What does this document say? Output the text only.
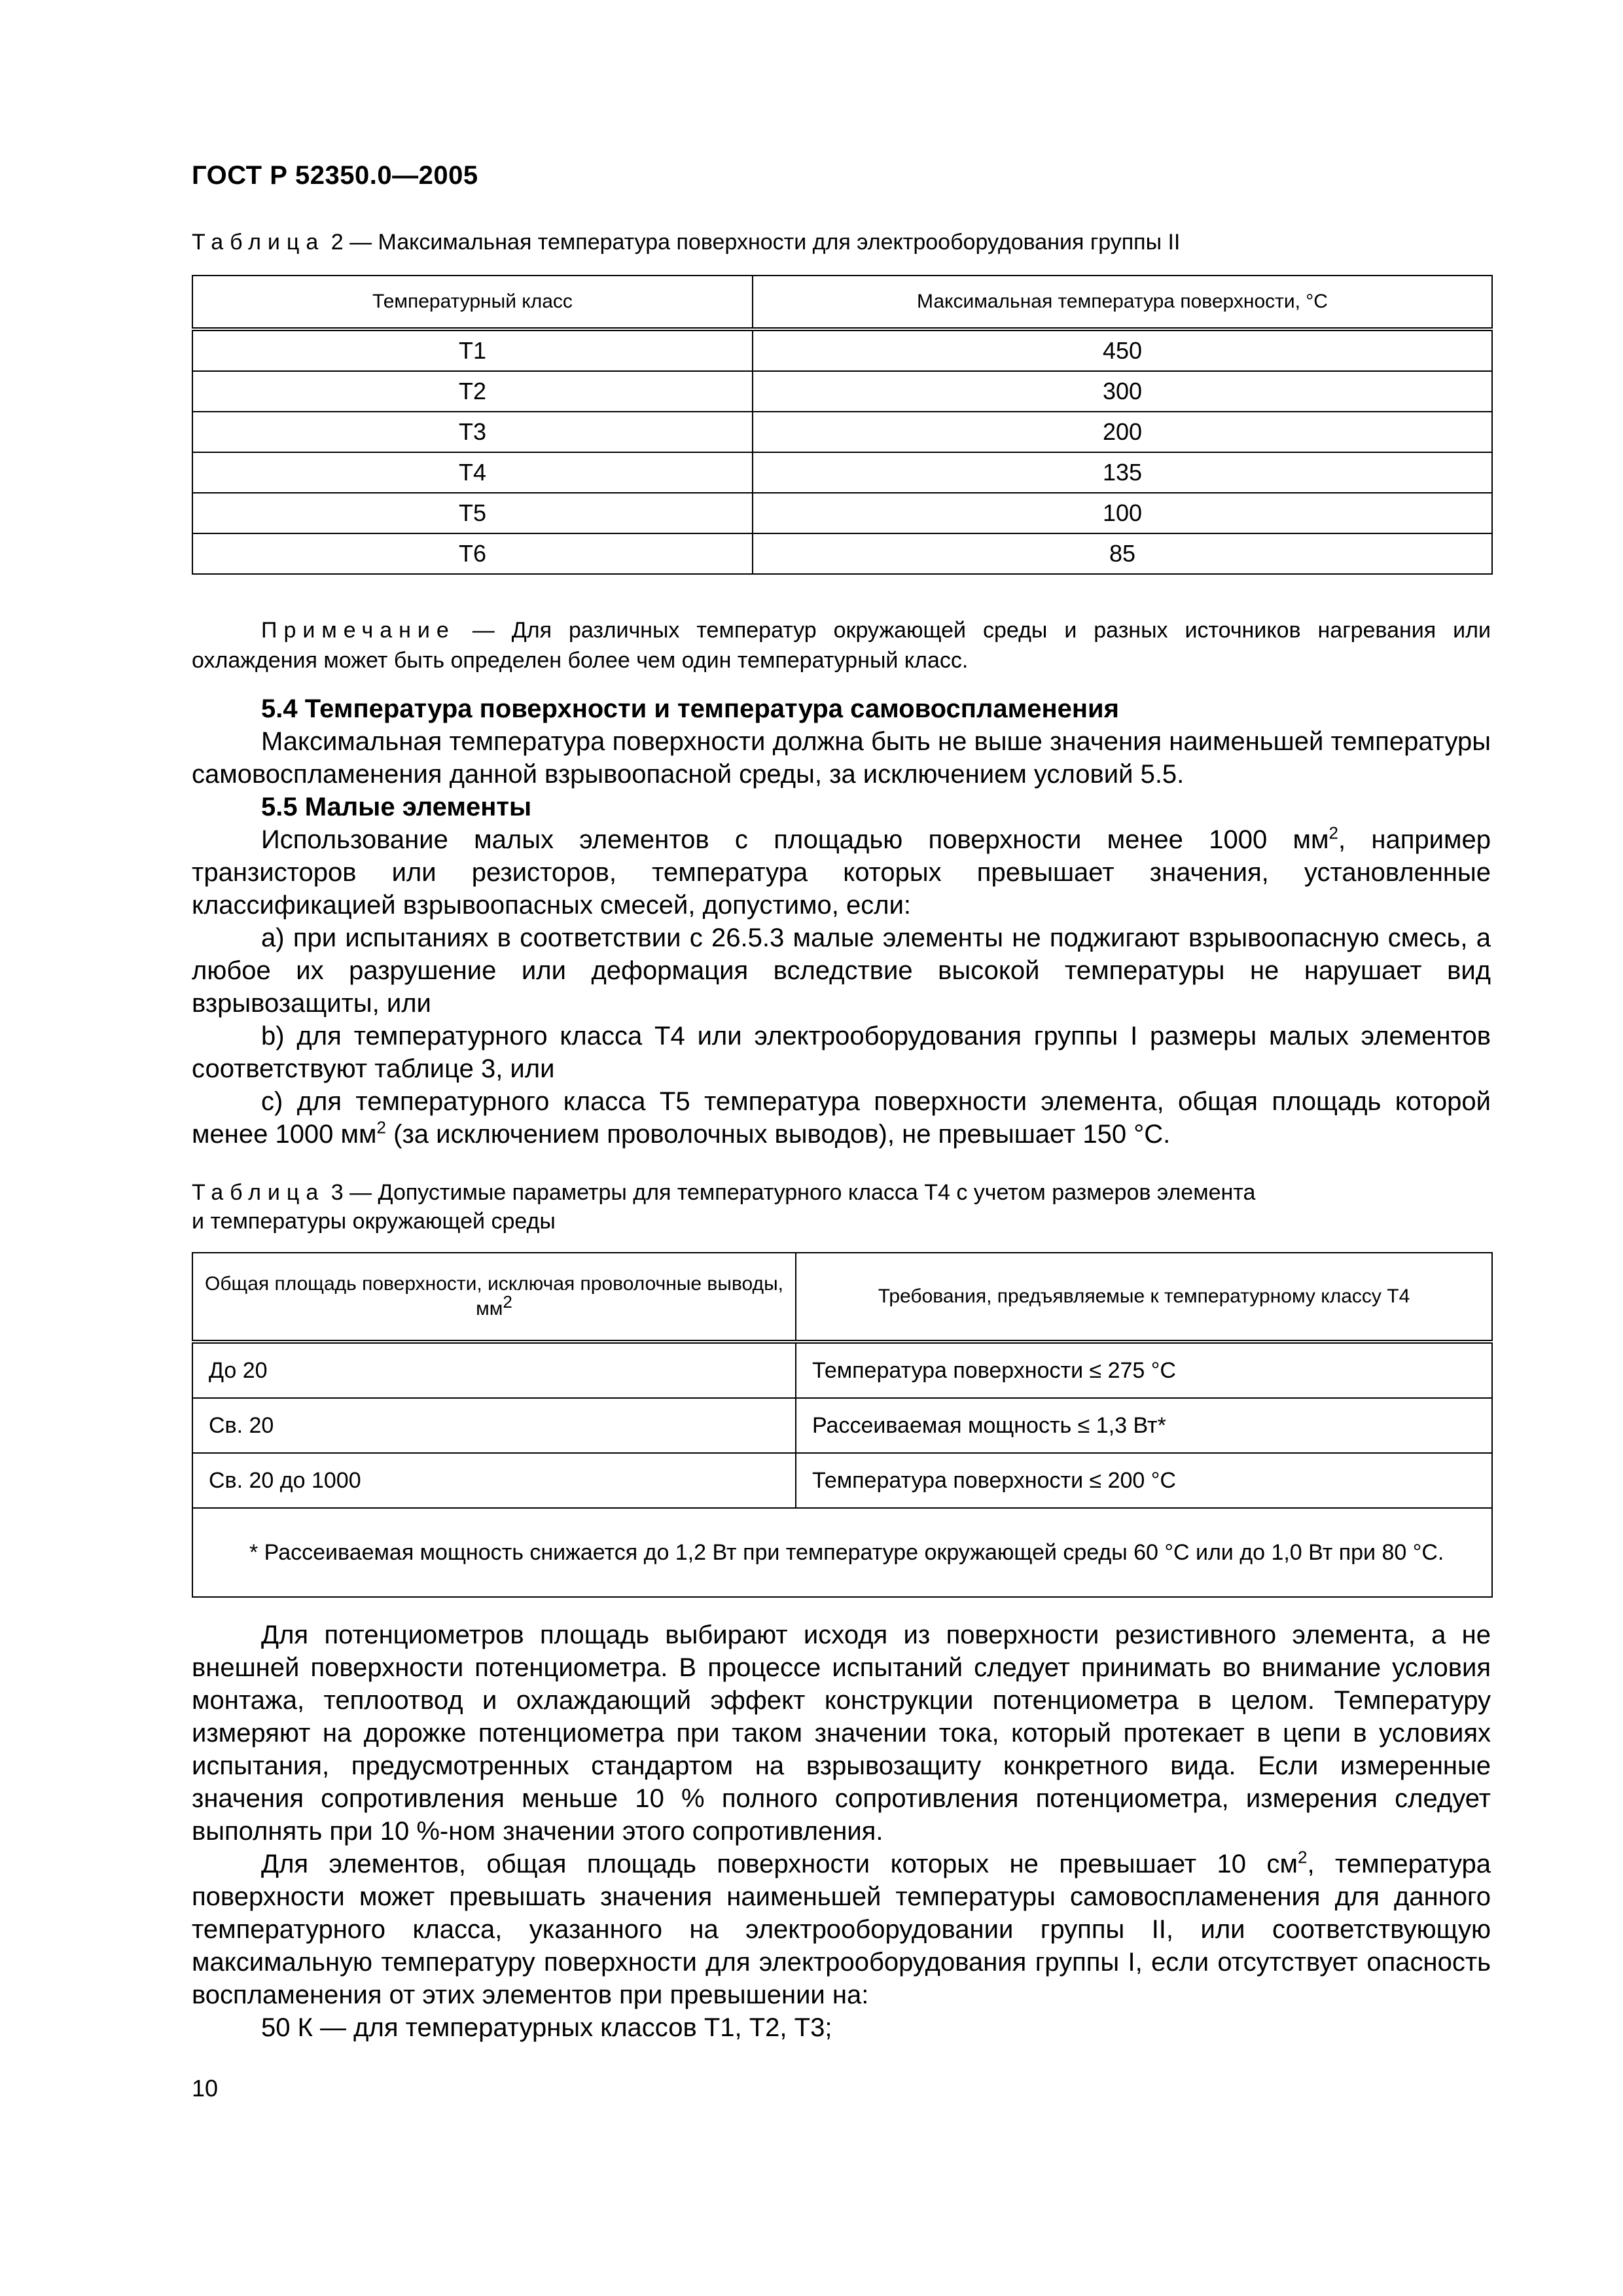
ГОСТ Р 52350.0—2005
Таблица 2 — Максимальная температура поверхности для электрооборудования группы II
Температурный класс	Максимальная температура поверхности, °С
Т1	450
Т2	300
Т3	200
Т4	135
Т5	100
Т6	85
Примечание — Для различных температур окружающей среды и разных источников нагревания или охлаждения может быть определен более чем один температурный класс.
5.4 Температура поверхности и температура самовоспламенения
Максимальная температура поверхности должна быть не выше значения наименьшей температуры самовоспламенения данной взрывоопасной среды, за исключением условий 5.5.
5.5 Малые элементы
Использование малых элементов с площадью поверхности менее 1000 $мм^2$, например транзисторов или резисторов, температура которых превышает значения, установленные классификацией взрывоопасных смесей, допустимо, если:
a) при испытаниях в соответствии с 26.5.3 малые элементы не поджигают взрывоопасную смесь, а любое их разрушение или деформация вследствие высокой температуры не нарушает вид взрывозащиты, или
b) для температурного класса Т4 или электрооборудования группы I размеры малых элементов соответствуют таблице 3, или
c) для температурного класса Т5 температура поверхности элемента, общая площадь которой менее 1000 $мм^2$ (за исключением проволочных выводов), не превышает 150 °С.
Таблица 3 — Допустимые параметры для температурного класса Т4 с учетом размеров элемента
и температуры окружающей среды
Общая площадь поверхности, исключая проволочные выводы, $мм^2$	Требования, предъявляемые к температурному классу Т4
До 20	Температура поверхности ≤ 275 °С
Св. 20	Рассеиваемая мощность ≤ 1,3 Вт*
Св. 20 до 1000	Температура поверхности ≤ 200 °С

* Рассеиваемая мощность снижается до 1,2 Вт при температуре окружающей среды 60 °С или до 1,0 Вт при 80 °С.	
Для потенциометров площадь выбирают исходя из поверхности резистивного элемента, а не внешней поверхности потенциометра. В процессе испытаний следует принимать во внимание условия монтажа, теплоотвод и охлаждающий эффект конструкции потенциометра в целом. Температуру измеряют на дорожке потенциометра при таком значении тока, который протекает в цепи в условиях испытания, предусмотренных стандартом на взрывозащиту конкретного вида. Если измеренные значения сопротивления меньше 10 % полного сопротивления потенциометра, измерения следует выполнять при 10 %-ном значении этого сопротивления.
Для элементов, общая площадь поверхности которых не превышает 10 $см^2$, температура поверхности может превышать значения наименьшей температуры самовоспламенения для данного температурного класса, указанного на электрооборудовании группы II, или соответствующую максимальную температуру поверхности для электрооборудования группы I, если отсутствует опасность воспламенения от этих элементов при превышении на:
50 К — для температурных классов Т1, Т2, Т3;
10
